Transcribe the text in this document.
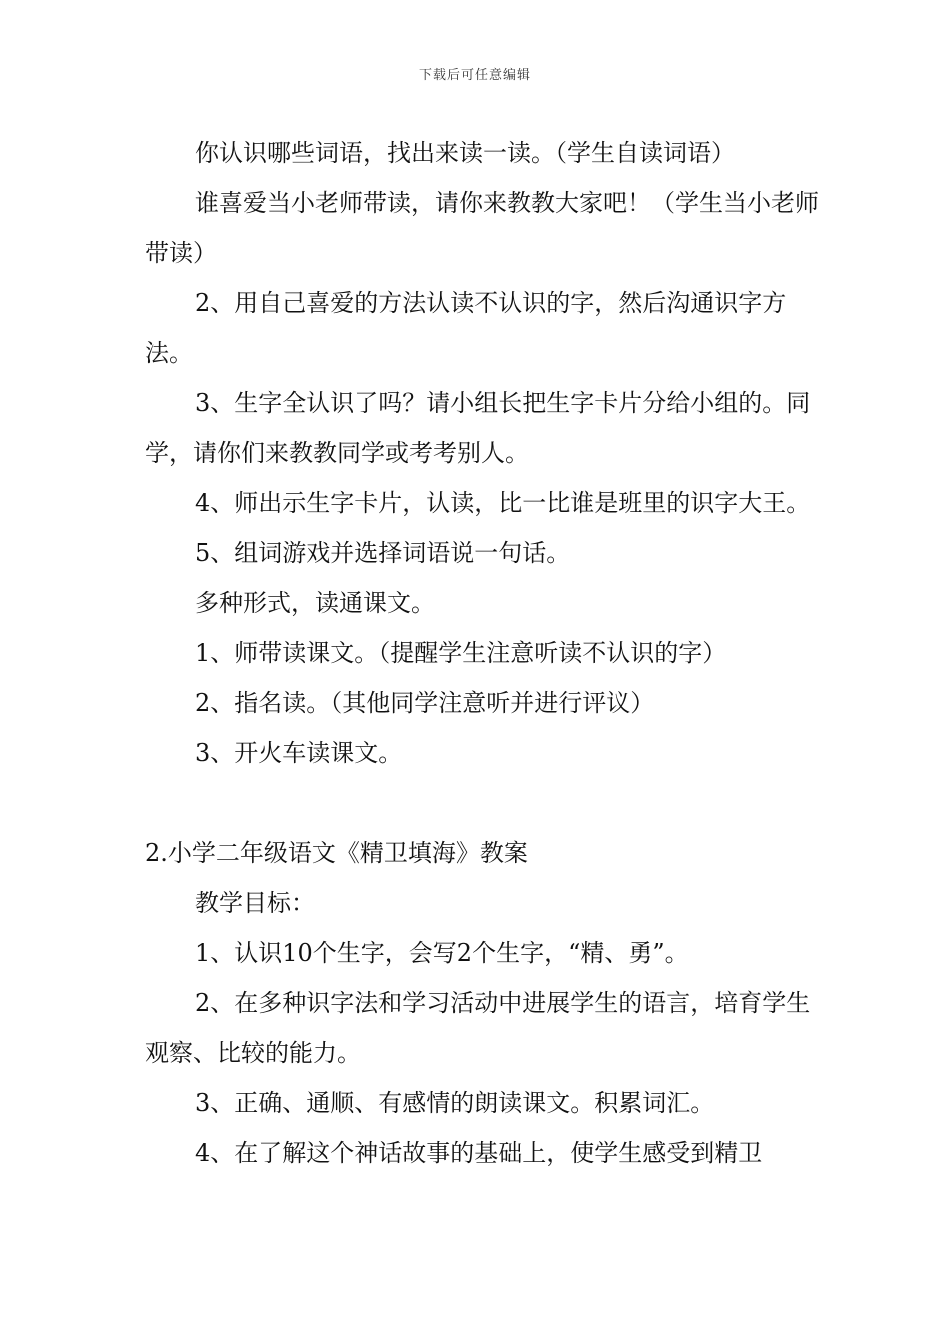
下载后可任意编辑

你认识哪些词语，找出来读一读。（学生自读词语）

谁喜爱当小老师带读，请你来教教大家吧！（学生当小老师带读）

2、用自己喜爱的方法认读不认识的字，然后沟通识字方法。

3、生字全认识了吗？请小组长把生字卡片分给小组的。同学，请你们来教教同学或考考别人。

4、师出示生字卡片，认读，比一比谁是班里的识字大王。

5、组词游戏并选择词语说一句话。

多种形式，读通课文。

1、师带读课文。（提醒学生注意听读不认识的字）

2、指名读。（其他同学注意听并进行评议）

3、开火车读课文。

2.小学二年级语文《精卫填海》教案

教学目标：

1、认识10个生字，会写2个生字，“精、勇”。

2、在多种识字法和学习活动中进展学生的语言，培育学生观察、比较的能力。

3、正确、通顺、有感情的朗读课文。积累词汇。

4、在了解这个神话故事的基础上，使学生感受到精卫
